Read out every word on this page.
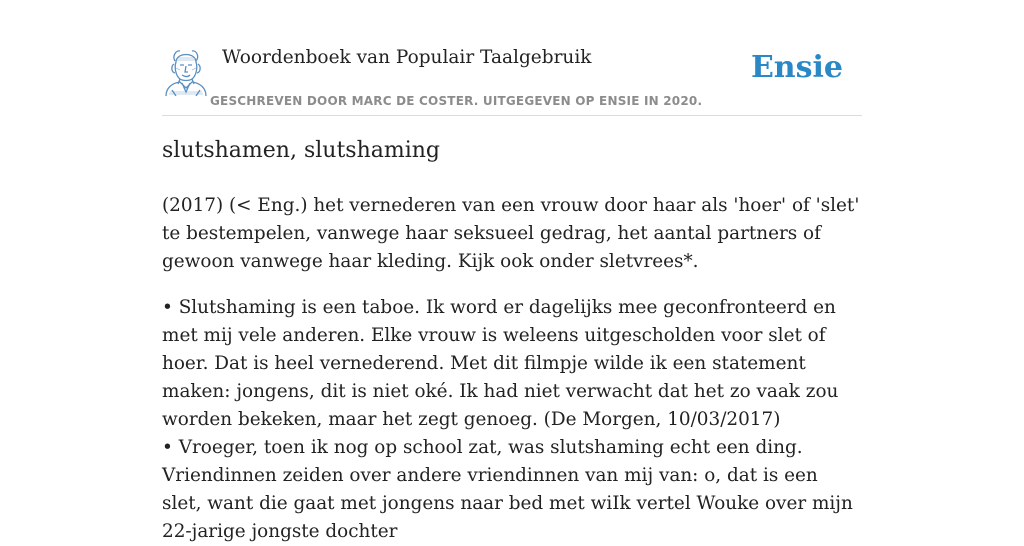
Woordenboek van Populair Taalgebruik
GESCHREVEN DOOR MARC DE COSTER. UITGEGEVEN OP ENSIE IN 2020.
Ensie
slutshamen, slutshaming

(2017) (< Eng.) het vernederen van een vrouw door haar als 'hoer' of 'slet' te bestempelen, vanwege haar seksueel gedrag, het aantal partners of gewoon vanwege haar kleding. Kijk ook onder sletvrees*.

• Slutshaming is een taboe. Ik word er dagelijks mee geconfronteerd en met mij vele anderen. Elke vrouw is weleens uitgescholden voor slet of hoer. Dat is heel vernederend. Met dit filmpje wilde ik een statement maken: jongens, dit is niet oké. Ik had niet verwacht dat het zo vaak zou worden bekeken, maar het zegt genoeg. (De Morgen, 10/03/2017)

• Vroeger, toen ik nog op school zat, was slutshaming echt een ding. Vriendinnen zeiden over andere vriendinnen van mij van: o, dat is een slet, want die gaat met jongens naar bed met wiIk vertel Wouke over mijn 22-jarige jongste dochter
